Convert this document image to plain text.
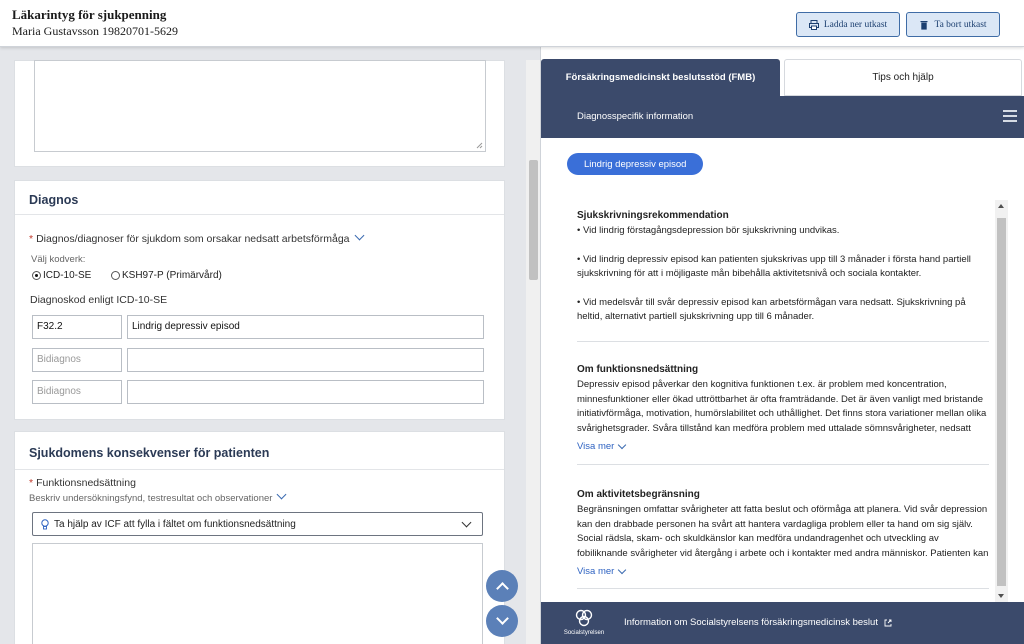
Läkarintyg för sjukpenning
Maria Gustavsson 19820701-5629	Ladda ner utkast	Ta bort utkast
Diagnos
* Diagnos/diagnoser för sjukdom som orsakar nedsatt arbetsförmåga
Välj kodverk:
ICD-10-SE	KSH97-P (Primärvård)
Diagnoskod enligt ICD-10-SE
F32.2	Lindrig depressiv episod
Bidiagnos
Bidiagnos
Sjukdomens konsekvenser för patienten
* Funktionsnedsättning
Beskriv undersökningsfynd, testresultat och observationer
Ta hjälp av ICF att fylla i fältet om funktionsnedsättning
Försäkringsmedicinskt beslutsstöd (FMB)	Tips och hjälp
Diagnosspecifik information
Lindrig depressiv episod
Sjukskrivningsrekommendation

• Vid lindrig förstagångsdepression bör sjukskrivning undvikas.

• Vid lindrig depressiv episod kan patienten sjukskrivas upp till 3 månader i första hand partiell sjukskrivning för att i möjligaste mån bibehålla aktivitetsnivå och sociala kontakter.

• Vid medelsvår till svår depressiv episod kan arbetsförmågan vara nedsatt. Sjukskrivning på heltid, alternativt partiell sjukskrivning upp till 6 månader.

Om funktionsnedsättning

Depressiv episod påverkar den kognitiva funktionen t.ex. är problem med koncentration, minnesfunktioner eller ökad uttröttbarhet är ofta framträdande. Det är även vanligt med bristande initiativförmåga, motivation, humörslabilitet och uthållighet. Det finns stora variationer mellan olika svårighetsgrader. Svåra tillstånd kan medföra problem med uttalade sömnsvårigheter, nedsatt

Visa mer
Om aktivitetsbegränsning

Begränsningen omfattar svårigheter att fatta beslut och oförmåga att planera. Vid svår depression kan den drabbade personen ha svårt att hantera vardagliga problem eller ta hand om sig själv. Social rädsla, skam- och skuldkänslor kan medföra undandragenhet och utveckling av fobiliknande svårigheter vid återgång i arbete och i kontakter med andra människor. Patienten kan

Visa mer
Socialstyrelsen
Information om Socialstyrelsens försäkringsmedicinsk beslut
